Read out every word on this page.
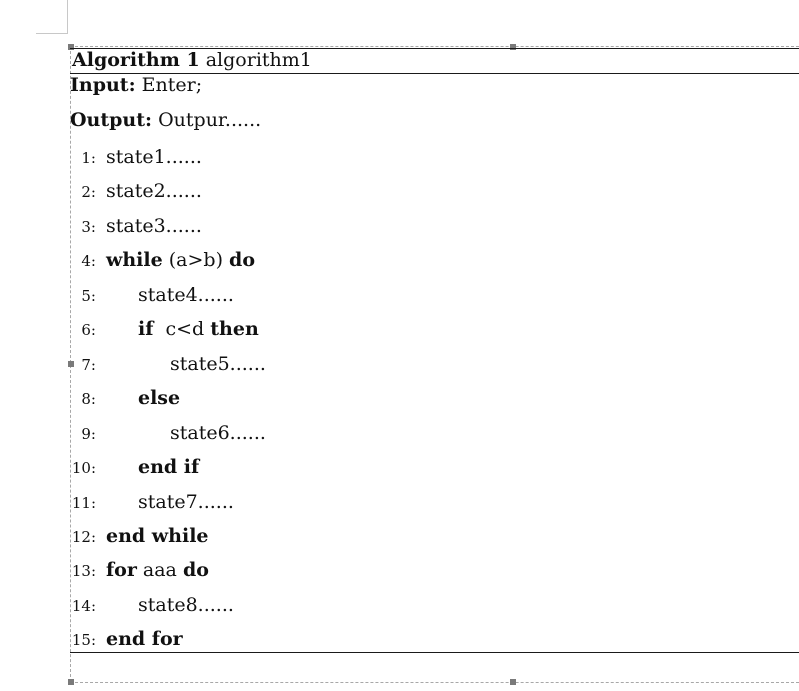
Algorithm 1 algorithm1
Input: Enter;
Output: Outpur......
1: state1......
2: state2......
3: state3......
4: while (a>b) do
5: state4......
6: if c<d then
7:	state5......
8: else
9:	state6......
10: end if
11: state7......
12: end while
13: for aaa do
14: state8......
15: end for
